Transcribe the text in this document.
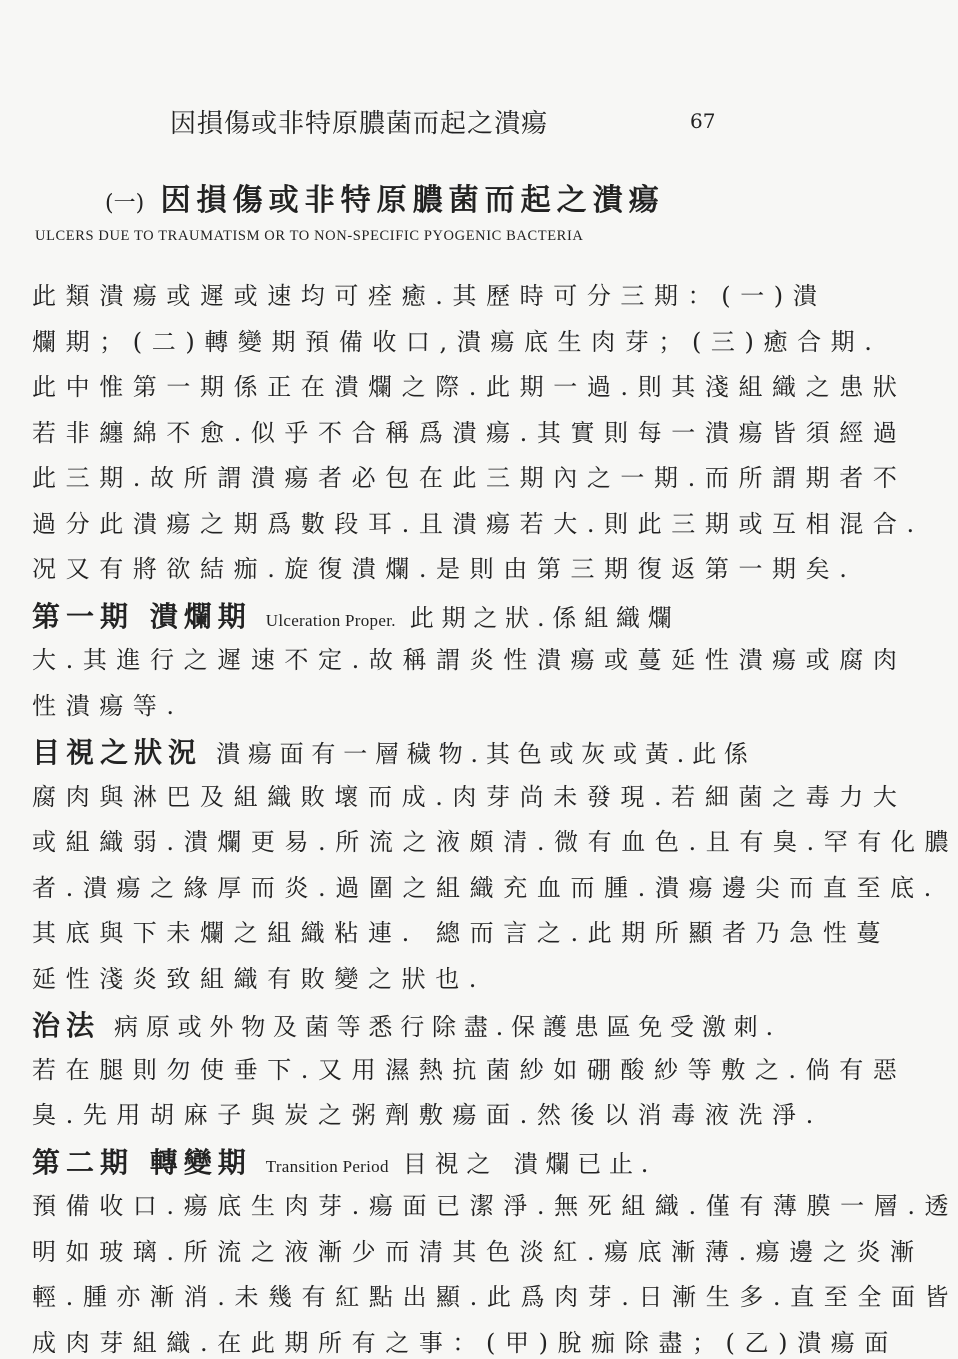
因損傷或非特原膿菌而起之潰瘍	67
(一) 因損傷或非特原膿菌而起之潰瘍
ULCERS DUE TO TRAUMATISM OR TO NON-SPECIFIC PYOGENIC BACTERIA
此類潰瘍或遲或速均可痊癒.其歷時可分三期：(一)潰
爛期；(二)轉變期預備收口,潰瘍底生肉芽；(三)癒合期.
此中惟第一期係正在潰爛之際.此期一過.則其淺組織之患狀
若非纏綿不愈.似乎不合稱爲潰瘍.其實則每一潰瘍皆須經過
此三期.故所謂潰瘍者必包在此三期內之一期.而所謂期者不
過分此潰瘍之期爲數段耳.且潰瘍若大.則此三期或互相混合.
况又有將欲結痂.旋復潰爛.是則由第三期復返第一期矣.
第一期 潰爛期 Ulceration Proper. 此期之狀.係組織爛
大.其進行之遲速不定.故稱謂炎性潰瘍或蔓延性潰瘍或腐肉
性潰瘍等.
目視之狀況 潰瘍面有一層穢物.其色或灰或黃.此係
腐肉與淋巴及組織敗壞而成.肉芽尚未發現.若細菌之毒力大
或組織弱.潰爛更易.所流之液頗清.微有血色.且有臭.罕有化膿
者.潰瘍之緣厚而炎.過圍之組織充血而腫.潰瘍邊尖而直至底.
其底與下未爛之組織粘連. 總而言之.此期所顯者乃急性蔓
延性淺炎致組織有敗變之狀也.
治法 病原或外物及菌等悉行除盡.保護患區免受激刺.
若在腿則勿使垂下.又用濕熱抗菌紗如硼酸紗等敷之.倘有惡
臭.先用胡麻子與炭之粥劑敷瘍面.然後以消毒液洗淨.
第二期 轉變期 Transition Period 目視之 潰爛已止.
預備收口.瘍底生肉芽.瘍面已潔淨.無死組織.僅有薄膜一層.透
明如玻璃.所流之液漸少而清其色淡紅.瘍底漸薄.瘍邊之炎漸
輕.腫亦漸消.未幾有紅點出顯.此爲肉芽.日漸生多.直至全面皆
成肉芽組織.在此期所有之事：(甲)脫痂除盡；(乙)潰瘍面
